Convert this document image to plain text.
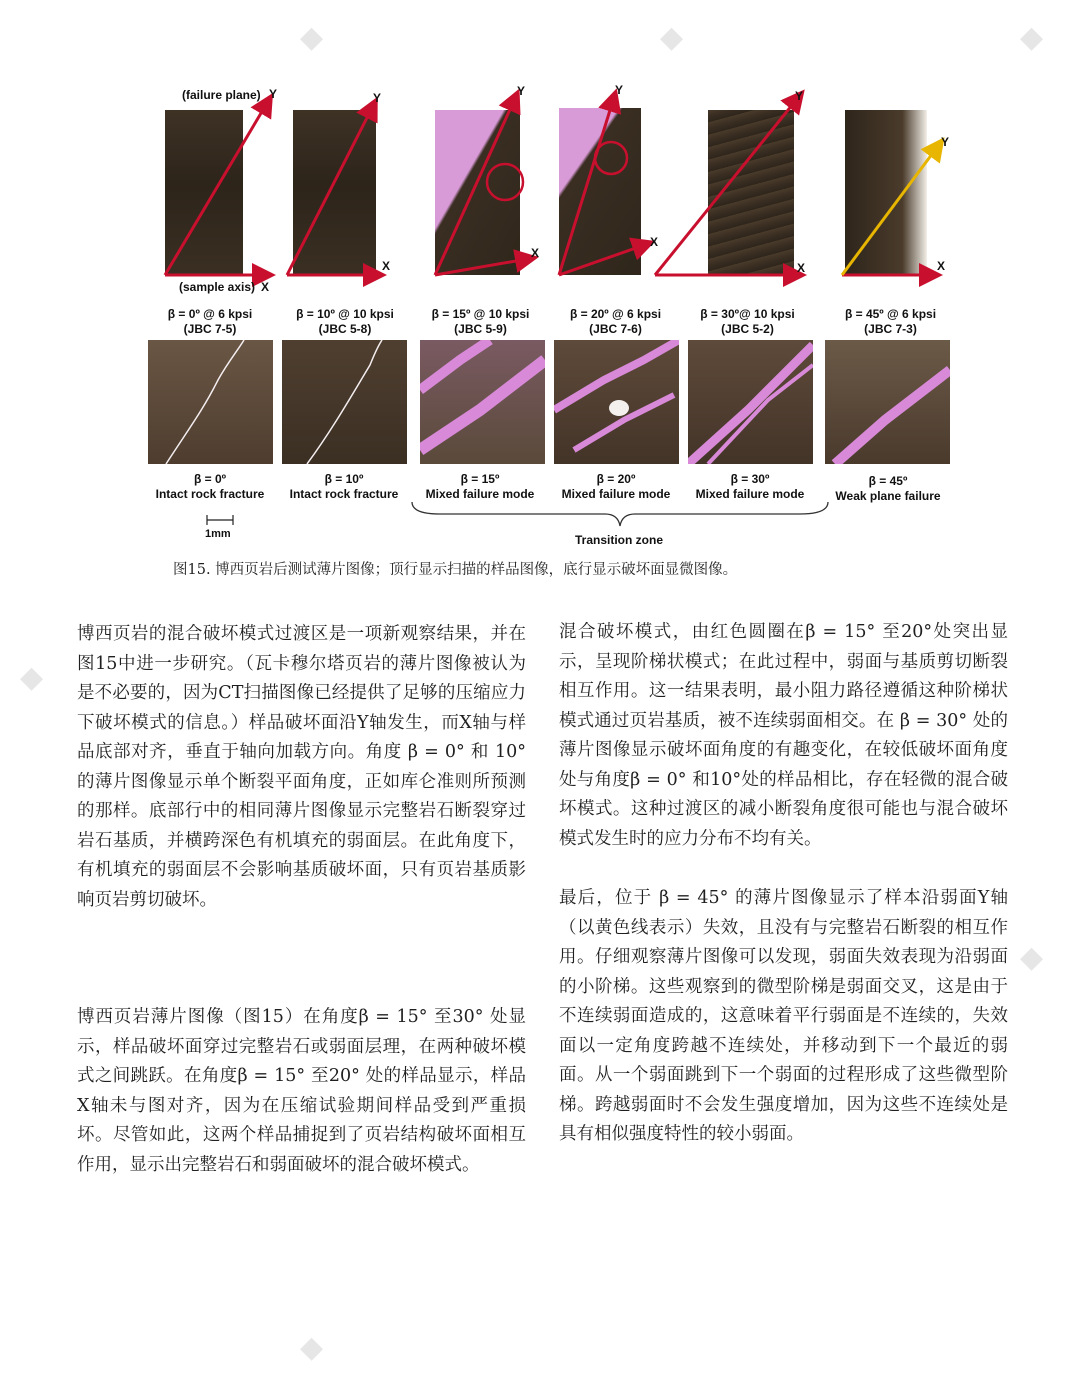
◆	◆	◆
◆
◆
◆
Y	Y
X
Y
X
Y
X
Y
X
Y
X
(failure plane)
(sample axis) X
β = 0º @ 6 kpsi
(JBC 7-5)
β = 10º @ 10 kpsi
(JBC 5-8)
β = 15º @ 10 kpsi
(JBC 5-9)
β = 20º @ 6 kpsi
(JBC 7-6)
β = 30º@ 10 kpsi
(JBC 5-2)
β = 45º @ 6 kpsi
(JBC 7-3)
β = 0º
Intact rock fracture
β = 10º
Intact rock fracture
β = 15º
Mixed failure mode
β = 20º
Mixed failure mode
β = 30º
Mixed failure mode
β = 45º
Weak plane failure
1mm	Transition zone
图15. 博西页岩后测试薄片图像；顶行显示扫描的样品图像，底行显示破坏面显微图像。

博西页岩的混合破坏模式过渡区是一项新观察结果，并在图15中进一步研究。（瓦卡穆尔塔页岩的薄片图像被认为是不必要的，因为CT扫描图像已经提供了足够的压缩应力下破坏模式的信息。）样品破坏面沿Y轴发生，而X轴与样品底部对齐，垂直于轴向加载方向。角度 β = 0° 和 10° 的薄片图像显示单个断裂平面角度，正如库仑准则所预测的那样。底部行中的相同薄片图像显示完整岩石断裂穿过岩石基质，并横跨深色有机填充的弱面层。在此角度下，有机填充的弱面层不会影响基质破坏面，只有页岩基质影响页岩剪切破坏。

博西页岩薄片图像（图15）在角度β = 15° 至30° 处显示，样品破坏面穿过完整岩石或弱面层理，在两种破坏模式之间跳跃。在角度β = 15° 至20° 处的样品显示，样品X轴未与图对齐，因为在压缩试验期间样品受到严重损坏。尽管如此，这两个样品捕捉到了页岩结构破坏面相互作用，显示出完整岩石和弱面破坏的混合破坏模式。

混合破坏模式，由红色圆圈在β = 15° 至20°处突出显示，呈现阶梯状模式；在此过程中，弱面与基质剪切断裂相互作用。这一结果表明，最小阻力路径遵循这种阶梯状模式通过页岩基质，被不连续弱面相交。在 β = 30° 处的薄片图像显示破坏面角度的有趣变化，在较低破坏面角度处与角度β = 0° 和10°处的样品相比，存在轻微的混合破坏模式。这种过渡区的减小断裂角度很可能也与混合破坏模式发生时的应力分布不均有关。

最后，位于 β = 45° 的薄片图像显示了样本沿弱面Y轴（以黄色线表示）失效，且没有与完整岩石断裂的相互作用。仔细观察薄片图像可以发现，弱面失效表现为沿弱面的小阶梯。这些观察到的微型阶梯是弱面交叉，这是由于不连续弱面造成的，这意味着平行弱面是不连续的，失效面以一定角度跨越不连续处，并移动到下一个最近的弱面。从一个弱面跳到下一个弱面的过程形成了这些微型阶梯。跨越弱面时不会发生强度增加，因为这些不连续处是具有相似强度特性的较小弱面。
